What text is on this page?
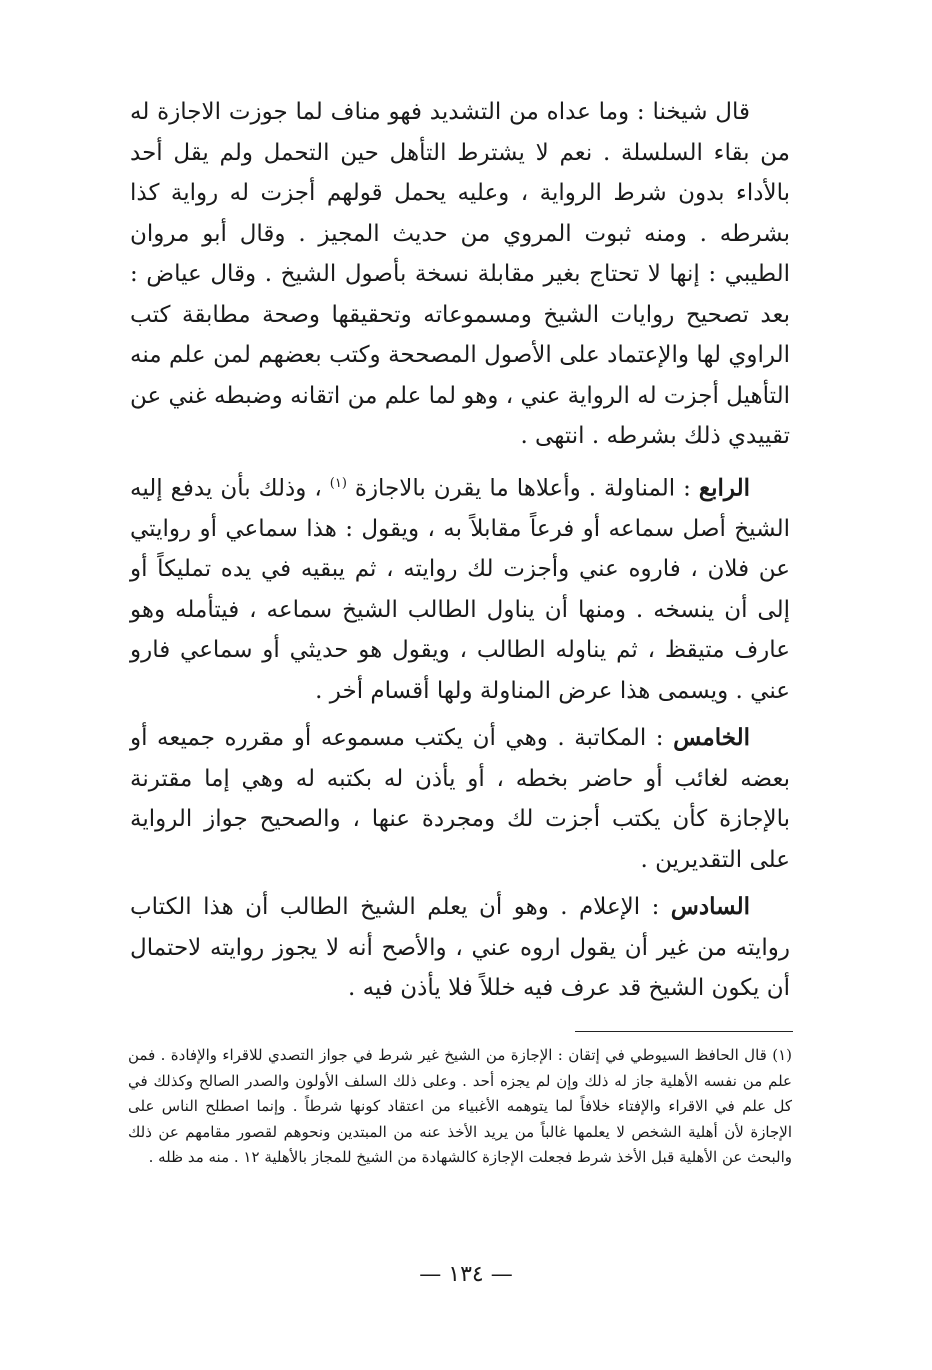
قال شيخنا : وما عداه من التشديد فهو مناف لما جوزت الاجازة له من بقاء السلسلة . نعم لا يشترط التأهل حين التحمل ولم يقل أحد بالأداء بدون شرط الرواية ، وعليه يحمل قولهم أجزت له رواية كذا بشرطه . ومنه ثبوت المروي من حديث المجيز . وقال أبو مروان الطيبي : إنها لا تحتاج بغير مقابلة نسخة بأصول الشيخ . وقال عياض : بعد تصحيح روايات الشيخ ومسموعاته وتحقيقها وصحة مطابقة كتب الراوي لها والإعتماد على الأصول المصححة وكتب بعضهم لمن علم منه التأهيل أجزت له الرواية عني ، وهو لما علم من اتقانه وضبطه غني عن تقييدي ذلك بشرطه . انتهى .

الرابع : المناولة . وأعلاها ما يقرن بالاجازة $^{(١)}$ ، وذلك بأن يدفع إليه الشيخ أصل سماعه أو فرعاً مقابلاً به ، ويقول : هذا سماعي أو روايتي عن فلان ، فاروه عني وأجزت لك روايته ، ثم يبقيه في يده تمليكاً أو إلى أن ينسخه . ومنها أن يناول الطالب الشيخ سماعه ، فيتأمله وهو عارف متيقظ ، ثم يناوله الطالب ، ويقول هو حديثي أو سماعي فارو عني . ويسمى هذا عرض المناولة ولها أقسام أخر .

الخامس : المكاتبة . وهي أن يكتب مسموعه أو مقرره جميعه أو بعضه لغائب أو حاضر بخطه ، أو يأذن له بكتبه له وهي إما مقترنة بالإجازة كأن يكتب أجزت لك ومجردة عنها ، والصحيح جواز الرواية على التقديرين .

السادس : الإعلام . وهو أن يعلم الشيخ الطالب أن هذا الكتاب روايته من غير أن يقول اروه عني ، والأصح أنه لا يجوز روايته لاحتمال أن يكون الشيخ قد عرف فيه خللاً فلا يأذن فيه .

(١) قال الحافظ السيوطي في إتقان : الإجازة من الشيخ غير شرط في جواز التصدي للاقراء والإفادة . فمن علم من نفسه الأهلية جاز له ذلك وإن لم يجزه أحد . وعلى ذلك السلف الأولون والصدر الصالح وكذلك في كل علم في الاقراء والإفتاء خلافاً لما يتوهمه الأغبياء من اعتقاد كونها شرطاً . وإنما اصطلح الناس على الإجازة لأن أهلية الشخص لا يعلمها غالباً من يريد الأخذ عنه من المبتدين ونحوهم لقصور مقامهم عن ذلك والبحث عن الأهلية قبل الأخذ شرط فجعلت الإجازة كالشهادة من الشيخ للمجاز بالأهلية ١٢ . منه مد ظله .

— ١٣٤ —
